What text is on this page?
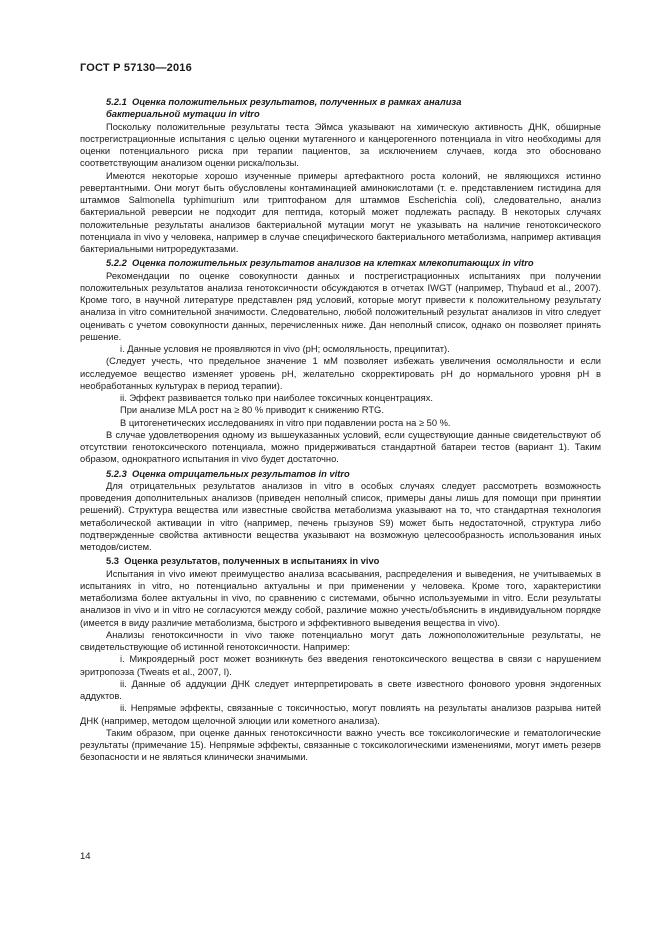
ГОСТ Р 57130—2016

5.2.1 Оценка положительных результатов, полученных в рамках анализа

бактериальной мутации in vitro

Поскольку положительные результаты теста Эймса указывают на химическую активность ДНК, обширные пострегистрационные испытания с целью оценки мутагенного и канцерогенного потенциала in vitro необходимы для оценки потенциального риска при терапии пациентов, за исключением случаев, когда это обосновано соответствующим анализом оценки риска/пользы.

Имеются некоторые хорошо изученные примеры артефактного роста колоний, не являющихся истинно ревертантными. Они могут быть обусловлены контаминацией аминокислотами (т. е. представлением гистидина для штаммов Salmonella typhimurium или триптофаном для штаммов Escherichia coli), следовательно, анализ бактериальной реверсии не подходит для пептида, который может подлежать распаду. В некоторых случаях положительные результаты анализов бактериальной мутации могут не указывать на наличие генотоксического потенциала in vivo у человека, например в случае специфического бактериального метаболизма, например активация бактериальными нитроредуктазами.

5.2.2 Оценка положительных результатов анализов на клетках млекопитающих in vitro

Рекомендации по оценке совокупности данных и пострегистрационных испытаниях при получении положительных результатов анализа генотоксичности обсуждаются в отчетах IWGT (например, Thybaud et al., 2007). Кроме того, в научной литературе представлен ряд условий, которые могут привести к положительному результату анализа in vitro сомнительной значимости. Следовательно, любой положительный результат анализов in vitro следует оценивать с учетом совокупности данных, перечисленных ниже. Дан неполный список, однако он позволяет принять решение.

i. Данные условия не проявляются in vivo (pH; осмоляльность, преципитат).

(Следует учесть, что предельное значение 1 мМ позволяет избежать увеличения осмоляльности и если исследуемое вещество изменяет уровень pH, желательно скорректировать pH до нормального уровня pH в необработанных культурах в период терапии).

ii. Эффект развивается только при наиболее токсичных концентрациях.

При анализе MLA рост на ≥ 80 % приводит к снижению RTG.

В цитогенетических исследованиях in vitro при подавлении роста на ≥ 50 %.

В случае удовлетворения одному из вышеуказанных условий, если существующие данные свидетельствуют об отсутствии генотоксического потенциала, можно придерживаться стандартной батареи тестов (вариант 1). Таким образом, однократного испытания in vivo будет достаточно.

5.2.3 Оценка отрицательных результатов in vitro

Для отрицательных результатов анализов in vitro в особых случаях следует рассмотреть возможность проведения дополнительных анализов (приведен неполный список, примеры даны лишь для помощи при принятии решений). Структура вещества или известные свойства метаболизма указывают на то, что стандартная технология метаболической активации in vitro (например, печень грызунов S9) может быть недостаточной, структура либо подтвержденные свойства активности вещества указывают на возможную целесообразность использования иных методов/систем.

5.3 Оценка результатов, полученных в испытаниях in vivo

Испытания in vivo имеют преимущество анализа всасывания, распределения и выведения, не учитываемых в испытаниях in vitro, но потенциально актуальны и при применении у человека. Кроме того, характеристики метаболизма более актуальны in vivo, по сравнению с системами, обычно используемыми in vitro. Если результаты анализов in vivo и in vitro не согласуются между собой, различие можно учесть/объяснить в индивидуальном порядке (имеется в виду различие метаболизма, быстрого и эффективного выведения вещества in vivo).

Анализы генотоксичности in vivo также потенциально могут дать ложноположительные результаты, не свидетельствующие об истинной генотоксичности. Например:

i. Микроядерный рост может возникнуть без введения генотоксического вещества в связи с нарушением эритропоэза (Tweats et al., 2007, I).

ii. Данные об аддукции ДНК следует интерпретировать в свете известного фонового уровня эндогенных аддуктов.

ii. Непрямые эффекты, связанные с токсичностью, могут повлиять на результаты анализов разрыва нитей ДНК (например, методом щелочной элюции или кометного анализа).

Таким образом, при оценке данных генотоксичности важно учесть все токсикологические и гематологические результаты (примечание 15). Непрямые эффекты, связанные с токсикологическими изменениями, могут иметь резерв безопасности и не являться клинически значимыми.

14
